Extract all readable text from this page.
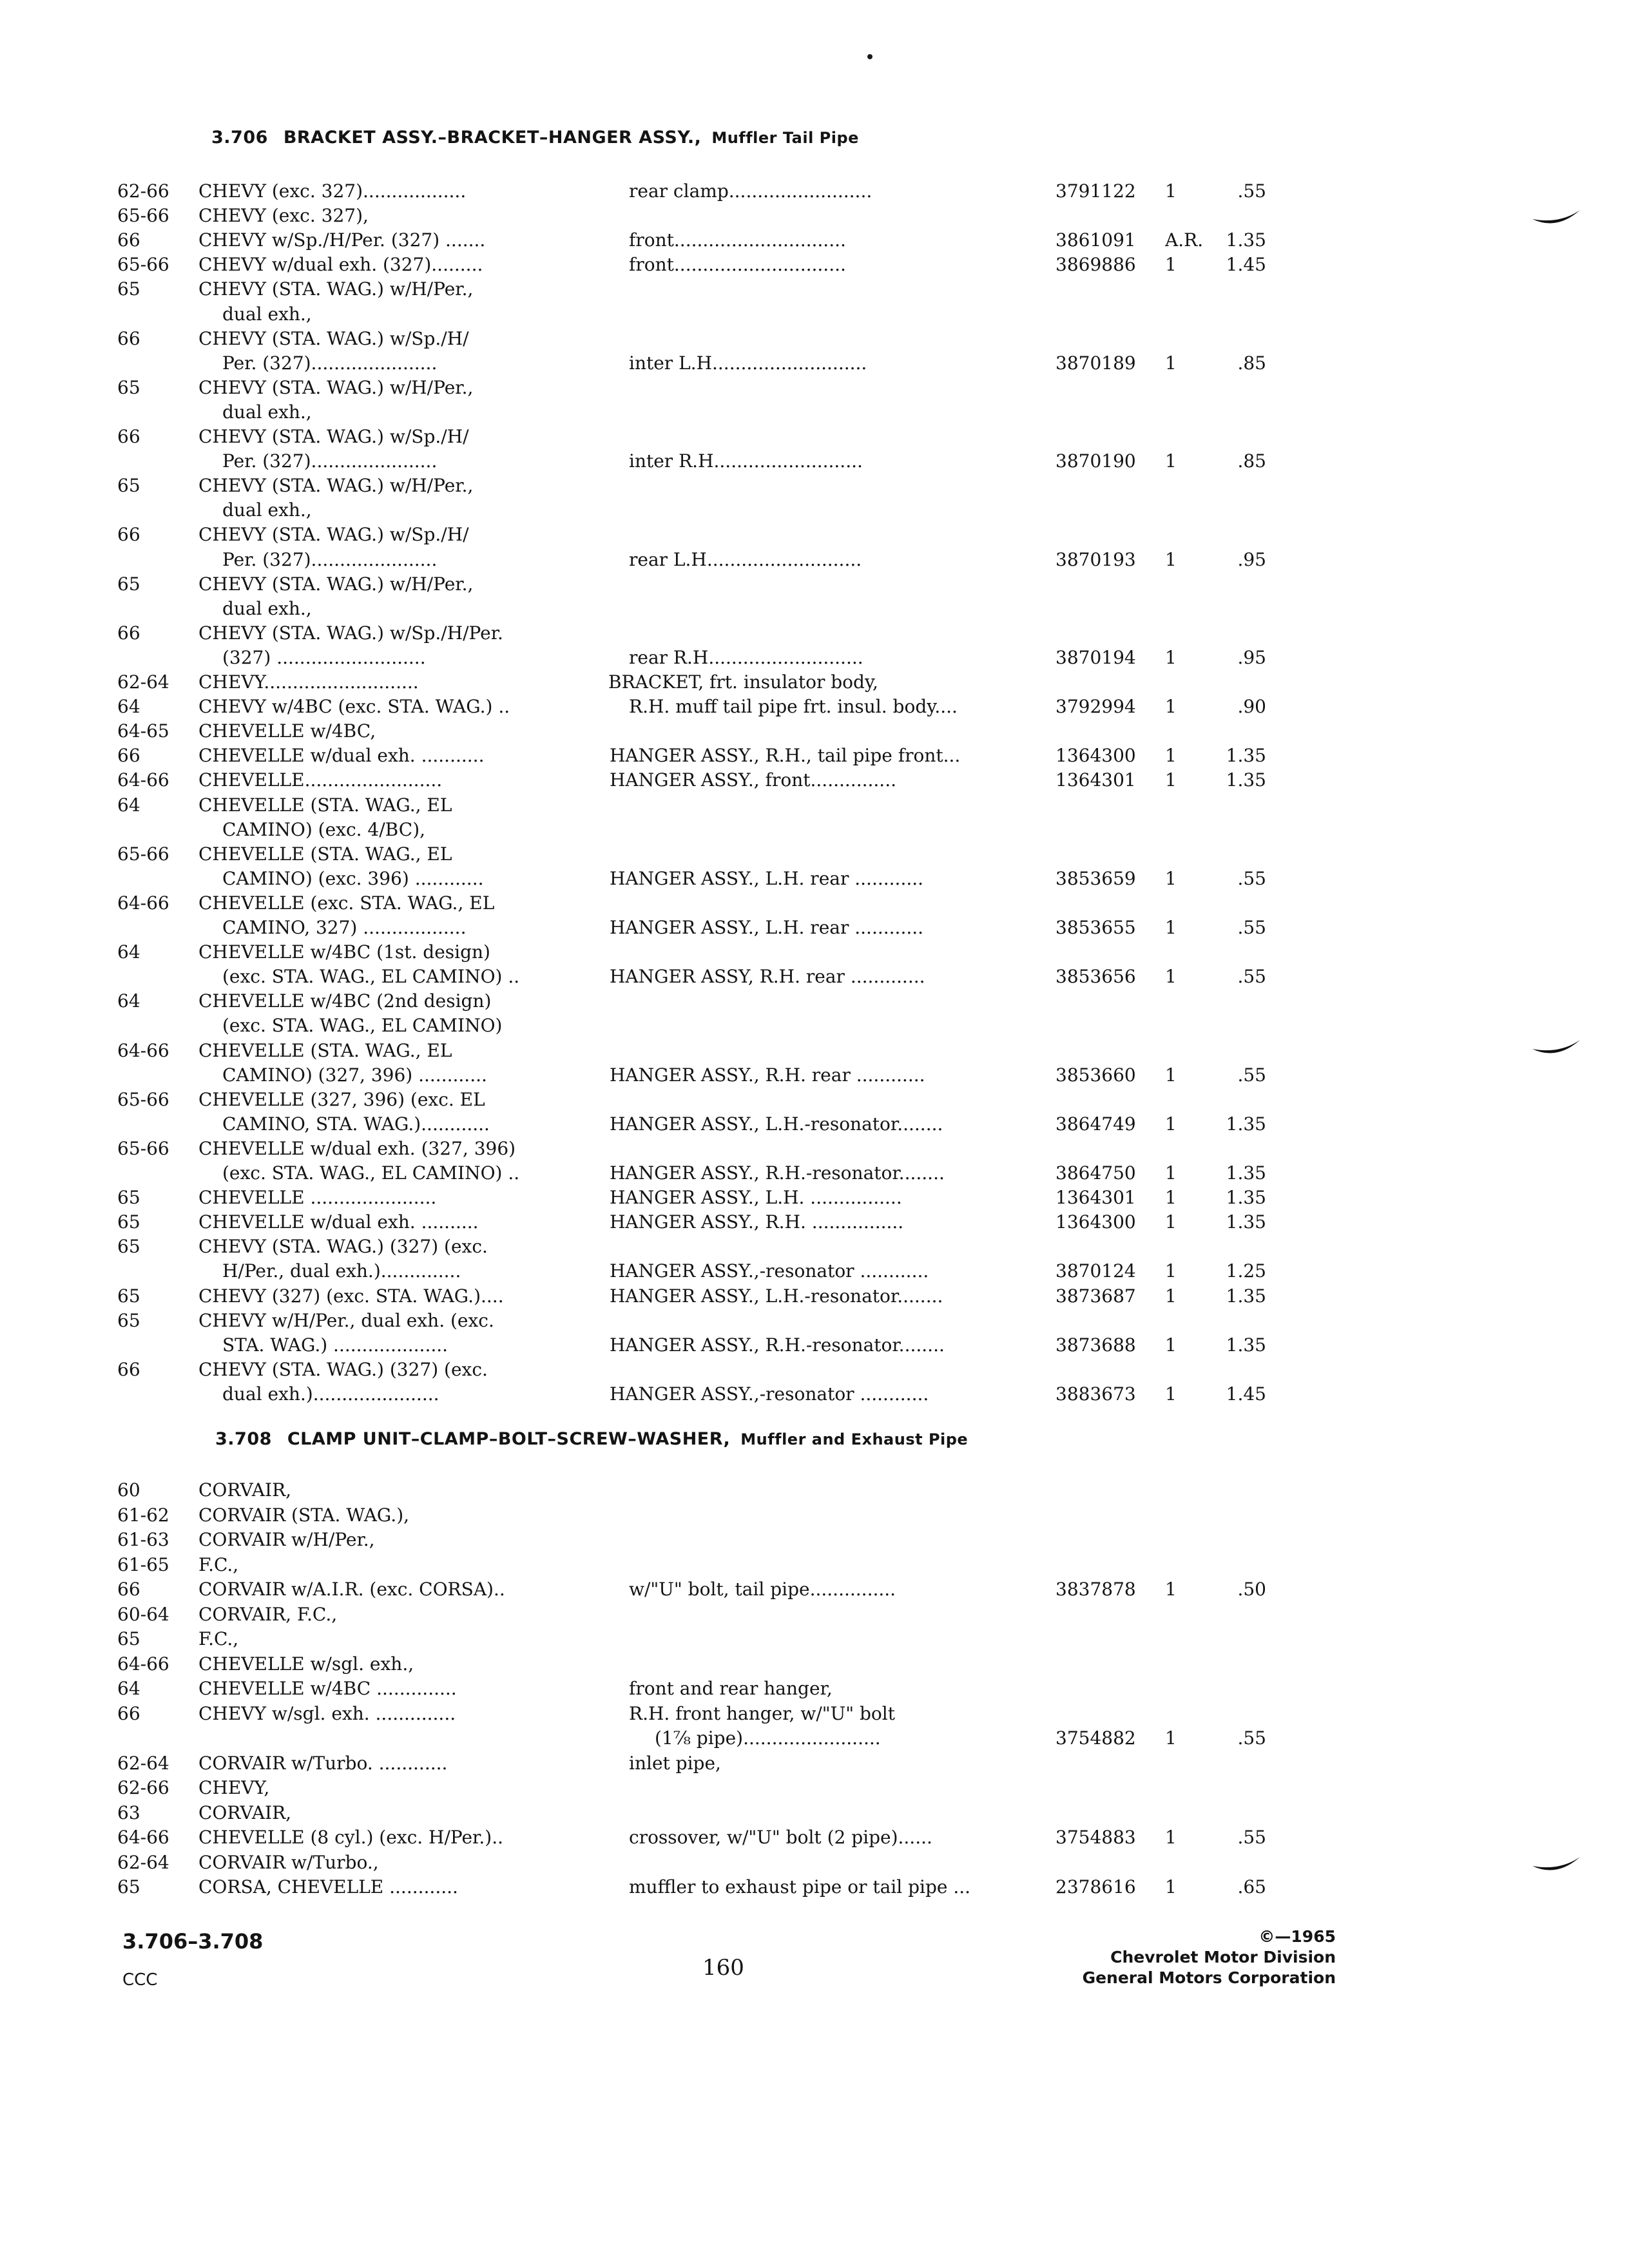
3.706 BRACKET ASSY.–BRACKET–HANGER ASSY., Muffler Tail Pipe
62-66 CHEVY (exc. 327)..................	rear clamp.........................	3791122 1	.55
65-66 CHEVY (exc. 327),
66	CHEVY w/Sp./H/Per. (327) .......	front..............................	3861091 A.R.	1.35
65-66 CHEVY w/dual exh. (327).........	front..............................	3869886 1	1.45
65	CHEVY (STA. WAG.) w/H/Per.,
dual exh.,
66	CHEVY (STA. WAG.) w/Sp./H/
Per. (327)......................	inter L.H...........................	3870189 1	.85
65	CHEVY (STA. WAG.) w/H/Per.,
dual exh.,
66	CHEVY (STA. WAG.) w/Sp./H/
Per. (327)......................	inter R.H..........................	3870190 1	.85
65	CHEVY (STA. WAG.) w/H/Per.,
dual exh.,
66	CHEVY (STA. WAG.) w/Sp./H/
Per. (327)......................	rear L.H...........................	3870193 1	.95
65	CHEVY (STA. WAG.) w/H/Per.,
dual exh.,
66	CHEVY (STA. WAG.) w/Sp./H/Per.
(327) ..........................	rear R.H...........................	3870194 1	.95
62-64 CHEVY...........................	BRACKET, frt. insulator body,
64	CHEVY w/4BC (exc. STA. WAG.) ..	R.H. muff tail pipe frt. insul. body....	3792994 1	.90
64-65 CHEVELLE w/4BC,
66	CHEVELLE w/dual exh. ...........	HANGER ASSY., R.H., tail pipe front...	1364300 1	1.35
64-66 CHEVELLE........................	HANGER ASSY., front...............	1364301 1	1.35
64	CHEVELLE (STA. WAG., EL
CAMINO) (exc. 4/BC),
65-66 CHEVELLE (STA. WAG., EL
CAMINO) (exc. 396) ............	HANGER ASSY., L.H. rear ............	3853659 1	.55
64-66 CHEVELLE (exc. STA. WAG., EL
CAMINO, 327) ..................	HANGER ASSY., L.H. rear ............	3853655 1	.55
64	CHEVELLE w/4BC (1st. design)
(exc. STA. WAG., EL CAMINO) ..	HANGER ASSY, R.H. rear .............	3853656 1	.55
64	CHEVELLE w/4BC (2nd design)
(exc. STA. WAG., EL CAMINO)
64-66 CHEVELLE (STA. WAG., EL
CAMINO) (327, 396) ............	HANGER ASSY., R.H. rear ............	3853660 1	.55
65-66 CHEVELLE (327, 396) (exc. EL
CAMINO, STA. WAG.)............	HANGER ASSY., L.H.-resonator........	3864749 1	1.35
65-66 CHEVELLE w/dual exh. (327, 396)
(exc. STA. WAG., EL CAMINO) ..	HANGER ASSY., R.H.-resonator........	3864750 1	1.35
65	CHEVELLE ......................	HANGER ASSY., L.H. ................	1364301 1	1.35
65	CHEVELLE w/dual exh. ..........	HANGER ASSY., R.H. ................	1364300 1	1.35
65	CHEVY (STA. WAG.) (327) (exc.
H/Per., dual exh.)..............	HANGER ASSY.,-resonator ............	3870124 1	1.25
65	CHEVY (327) (exc. STA. WAG.)....	HANGER ASSY., L.H.-resonator........	3873687 1	1.35
65	CHEVY w/H/Per., dual exh. (exc.
STA. WAG.) ....................	HANGER ASSY., R.H.-resonator........	3873688 1	1.35
66	CHEVY (STA. WAG.) (327) (exc.
dual exh.)......................	HANGER ASSY.,-resonator ............	3883673 1	1.45
3.708 CLAMP UNIT–CLAMP–BOLT–SCREW–WASHER, Muffler and Exhaust Pipe
60	CORVAIR,
61-62 CORVAIR (STA. WAG.),
61-63 CORVAIR w/H/Per.,
61-65 F.C.,
66	CORVAIR w/A.I.R. (exc. CORSA)..	w/"U" bolt, tail pipe...............	3837878 1	.50
60-64 CORVAIR, F.C.,
65	F.C.,
64-66 CHEVELLE w/sgl. exh.,
64	CHEVELLE w/4BC ..............	front and rear hanger,
66	CHEVY w/sgl. exh. ..............	R.H. front hanger, w/"U" bolt
(1⅞ pipe)........................	3754882 1	.55
62-64 CORVAIR w/Turbo. ............	inlet pipe,
62-66 CHEVY,
63	CORVAIR,
64-66 CHEVELLE (8 cyl.) (exc. H/Per.)..	crossover, w/"U" bolt (2 pipe)......	3754883 1	.55
62-64 CORVAIR w/Turbo.,
65	CORSA, CHEVELLE ............	muffler to exhaust pipe or tail pipe ...	2378616 1	.65
3.706–3.708
CCC	160
©—1965
Chevrolet Motor Division
General Motors Corporation
